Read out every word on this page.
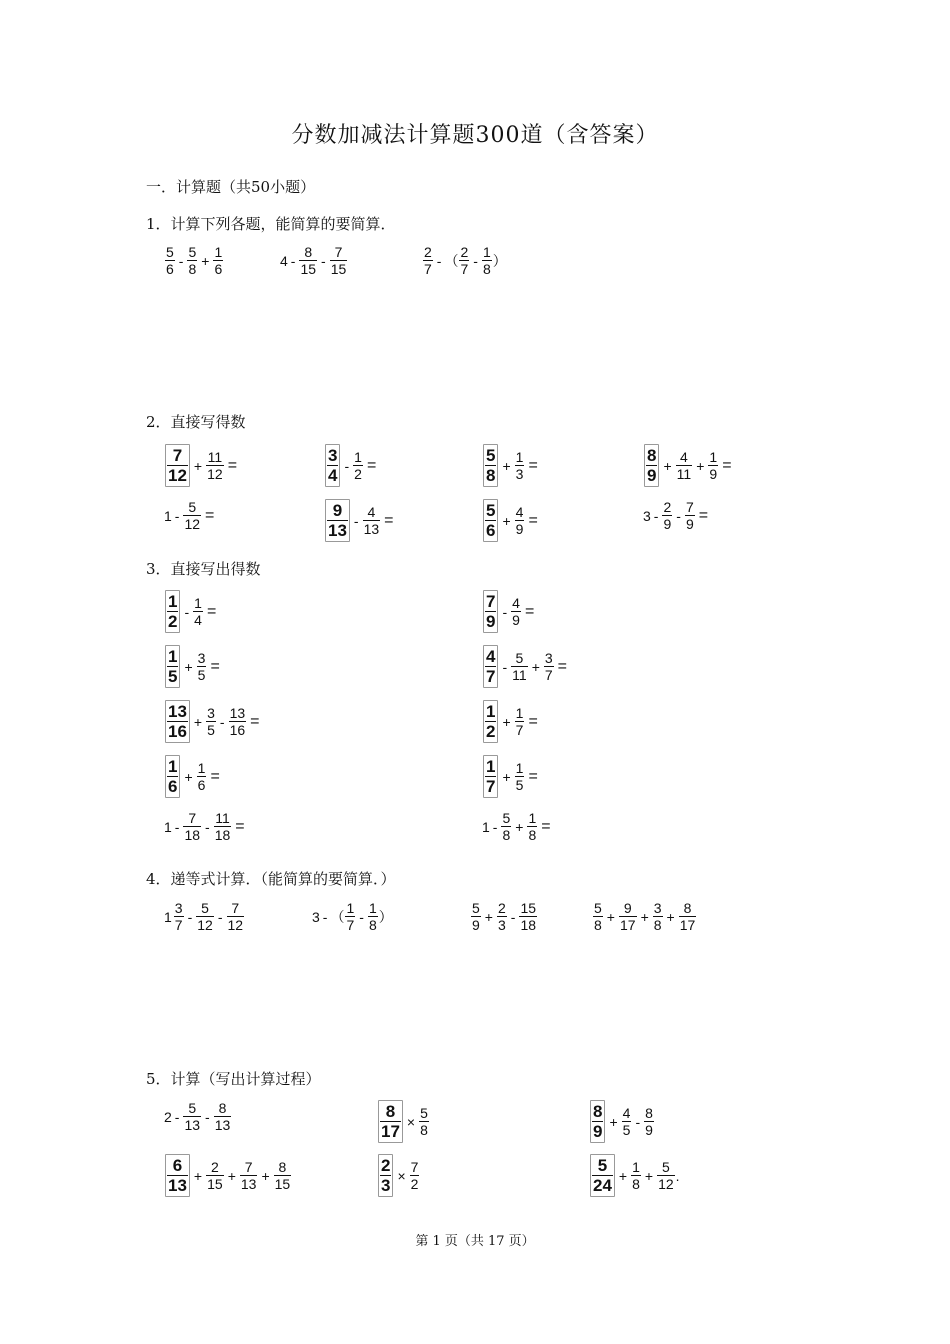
分数加减法计算题300道（含答案）
一．计算题（共50小题）
1．计算下列各题，能简算的要简算．
$\frac{5}{6} - \frac{5}{8} + \frac{1}{6}$	$4 - \frac{8}{15} - \frac{7}{15}$	$\frac{2}{7}$ - （ $\frac{2}{7} - \frac{1}{8}$ ）
2．直接写得数
$\frac{7}{12} + \frac{11}{12}$ =	$\frac{3}{4} - \frac{1}{2}$ =	$\frac{5}{8} + \frac{1}{3}$ =	$\frac{8}{9} + \frac{4}{11} + \frac{1}{9}$ =
$1 - \frac{5}{12}$ =	$\frac{9}{13} - \frac{4}{13}$ =	$\frac{5}{6} + \frac{4}{9}$ =	$3 - \frac{2}{9} - \frac{7}{9}$ =
3．直接写出得数
$\frac{1}{2} - \frac{1}{4}$ =	$\frac{7}{9} - \frac{4}{9}$ =
$\frac{1}{5} + \frac{3}{5}$ =	$\frac{4}{7} - \frac{5}{11} + \frac{3}{7}$ =
$\frac{13}{16} + \frac{3}{5} - \frac{13}{16}$ =	$\frac{1}{2} + \frac{1}{7}$ =
$\frac{1}{6} + \frac{1}{6}$ =	$\frac{1}{7} + \frac{1}{5}$ =
$1 - \frac{7}{18} - \frac{11}{18}$ =	$1 - \frac{5}{8} + \frac{1}{8}$ =
4．递等式计算．（能简算的要简算．）
$1 \frac{3}{7} - \frac{5}{12} - \frac{7}{12}$	3 - （ $\frac{1}{7} - \frac{1}{8}$ ）	$\frac{5}{9} + \frac{2}{3} - \frac{15}{18}$	$\frac{5}{8} + \frac{9}{17} + \frac{3}{8} + \frac{8}{17}$
5．计算（写出计算过程）
$2 - \frac{5}{13} - \frac{8}{13}$	$\frac{8}{17} \times \frac{5}{8}$	$\frac{8}{9} + \frac{4}{5} - \frac{8}{9}$
$\frac{6}{13} + \frac{2}{15} + \frac{7}{13} + \frac{8}{15}$	$\frac{2}{3} \times \frac{7}{2}$	$\frac{5}{24} + \frac{1}{8} + \frac{5}{12}$ .
第 1 页（共 17 页）
